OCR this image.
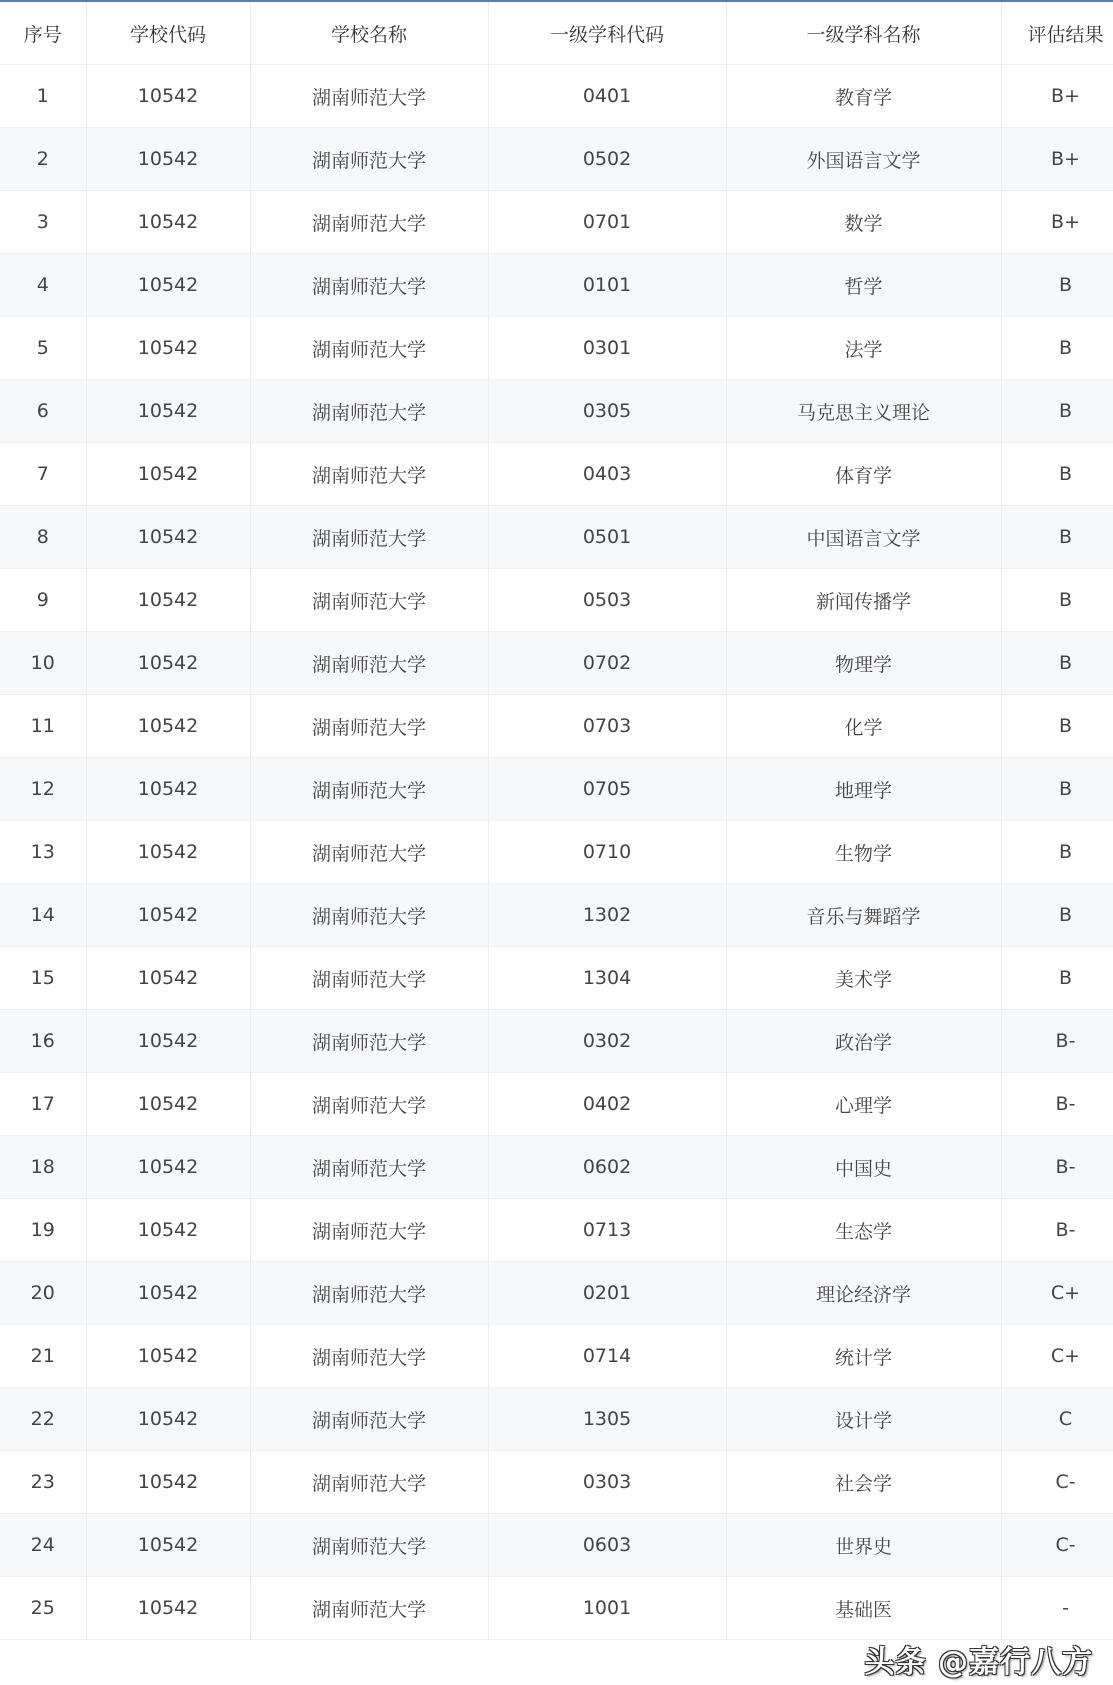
序号	学校代码	学校名称	一级学科代码	一级学科名称	评估结果
1	10542	湖南师范大学	0401	教育学	B+
2	10542	湖南师范大学	0502	外国语言文学	B+
3	10542	湖南师范大学	0701	数学	B+
4	10542	湖南师范大学	0101	哲学	B
5	10542	湖南师范大学	0301	法学	B
6	10542	湖南师范大学	0305	马克思主义理论	B
7	10542	湖南师范大学	0403	体育学	B
8	10542	湖南师范大学	0501	中国语言文学	B
9	10542	湖南师范大学	0503	新闻传播学	B
10	10542	湖南师范大学	0702	物理学	B
11	10542	湖南师范大学	0703	化学	B
12	10542	湖南师范大学	0705	地理学	B
13	10542	湖南师范大学	0710	生物学	B
14	10542	湖南师范大学	1302	音乐与舞蹈学	B
15	10542	湖南师范大学	1304	美术学	B
16	10542	湖南师范大学	0302	政治学	B-
17	10542	湖南师范大学	0402	心理学	B-
18	10542	湖南师范大学	0602	中国史	B-
19	10542	湖南师范大学	0713	生态学	B-
20	10542	湖南师范大学	0201	理论经济学	C+
21	10542	湖南师范大学	0714	统计学	C+
22	10542	湖南师范大学	1305	设计学	C
23	10542	湖南师范大学	0303	社会学	C-
24	10542	湖南师范大学	0603	世界史	C-
25	10542	湖南师范大学	1001	基础医	-
头条 @嘉行八方
